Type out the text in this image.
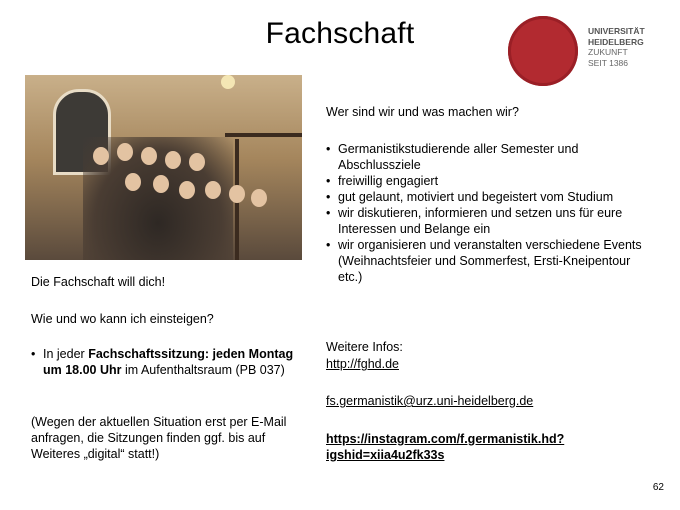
Fachschaft	UNIVERSITÄT
HEIDELBERG
ZUKUNFT
SEIT 1386
Wer sind wir und was machen wir?
• Germanistikstudierende aller Semester und Abschlussziele
• freiwillig engagiert
• gut gelaunt, motiviert und begeistert vom Studium
• wir diskutieren, informieren und setzen uns für eure Interessen und Belange ein
• wir organisieren und veranstalten verschiedene Events (Weihnachtsfeier und Sommerfest, Ersti-Kneipentour etc.)
Die Fachschaft will dich!
Wie und wo kann ich einsteigen?
• In jeder Fachschaftssitzung: jeden Montag um 18.00 Uhr im Aufenthaltsraum (PB 037)
(Wegen der aktuellen Situation erst per E-Mail anfragen, die Sitzungen finden ggf. bis auf Weiteres „digital“ statt!)
Weitere Infos:
http://fghd.de
fs.germanistik@urz.uni-heidelberg.de
https://instagram.com/f.germanistik.hd?igshid=xiia4u2fk33s
62
